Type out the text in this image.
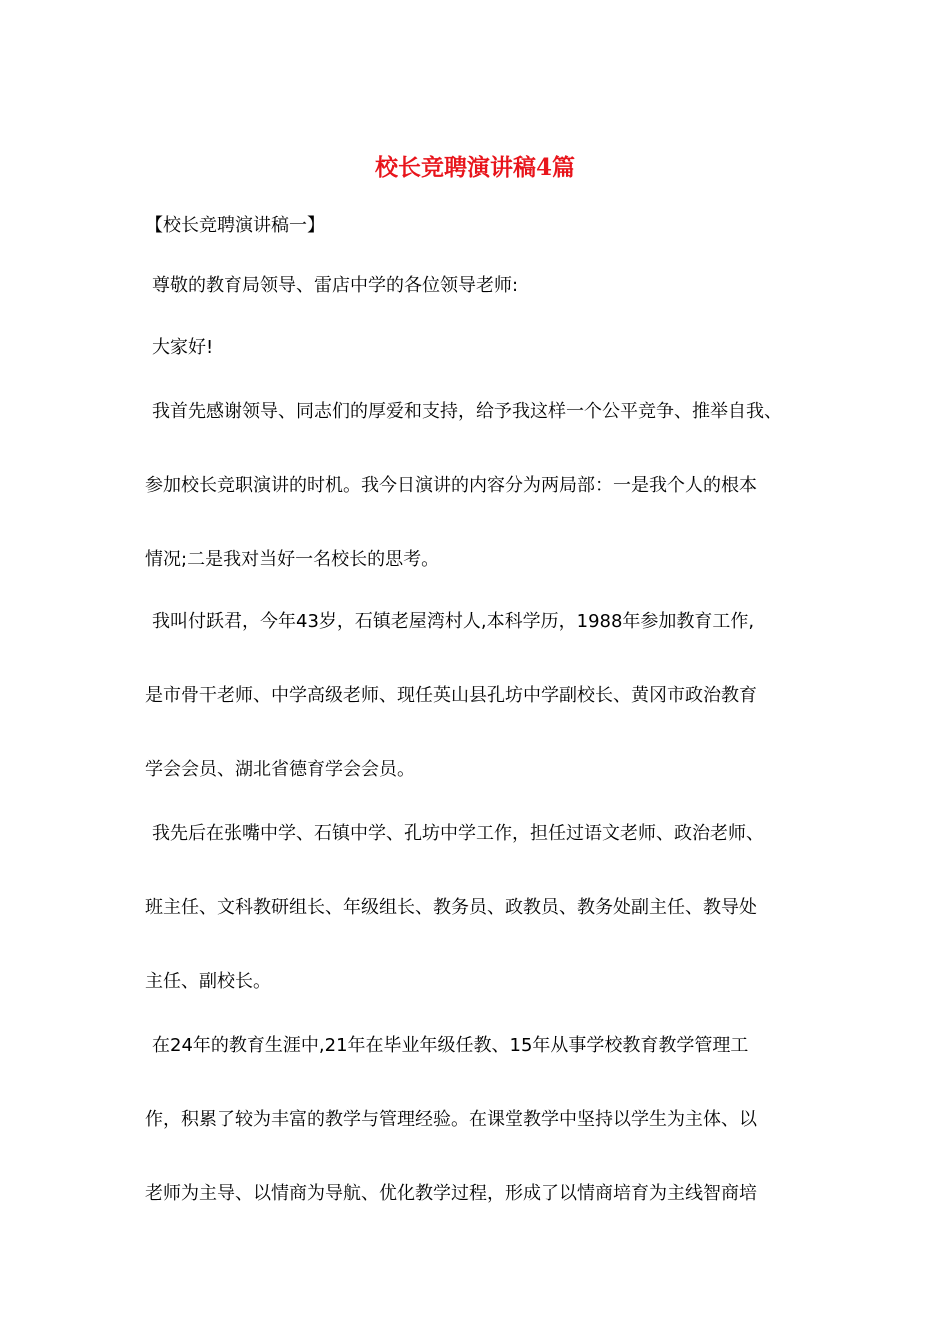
校长竞聘演讲稿4篇

【校长竞聘演讲稿一】

尊敬的教育局领导、雷店中学的各位领导老师:

大家好!

我首先感谢领导、同志们的厚爱和支持，给予我这样一个公平竞争、推举自我、

参加校长竞职演讲的时机。我今日演讲的内容分为两局部：一是我个人的根本

情况;二是我对当好一名校长的思考。

我叫付跃君，今年43岁，石镇老屋湾村人,本科学历，1988年参加教育工作,

是市骨干老师、中学高级老师、现任英山县孔坊中学副校长、黄冈市政治教育

学会会员、湖北省德育学会会员。

我先后在张嘴中学、石镇中学、孔坊中学工作，担任过语文老师、政治老师、

班主任、文科教研组长、年级组长、教务员、政教员、教务处副主任、教导处

主任、副校长。

在24年的教育生涯中,21年在毕业年级任教、15年从事学校教育教学管理工

作，积累了较为丰富的教学与管理经验。在课堂教学中坚持以学生为主体、以

老师为主导、以情商为导航、优化教学过程，形成了以情商培育为主线智商培
